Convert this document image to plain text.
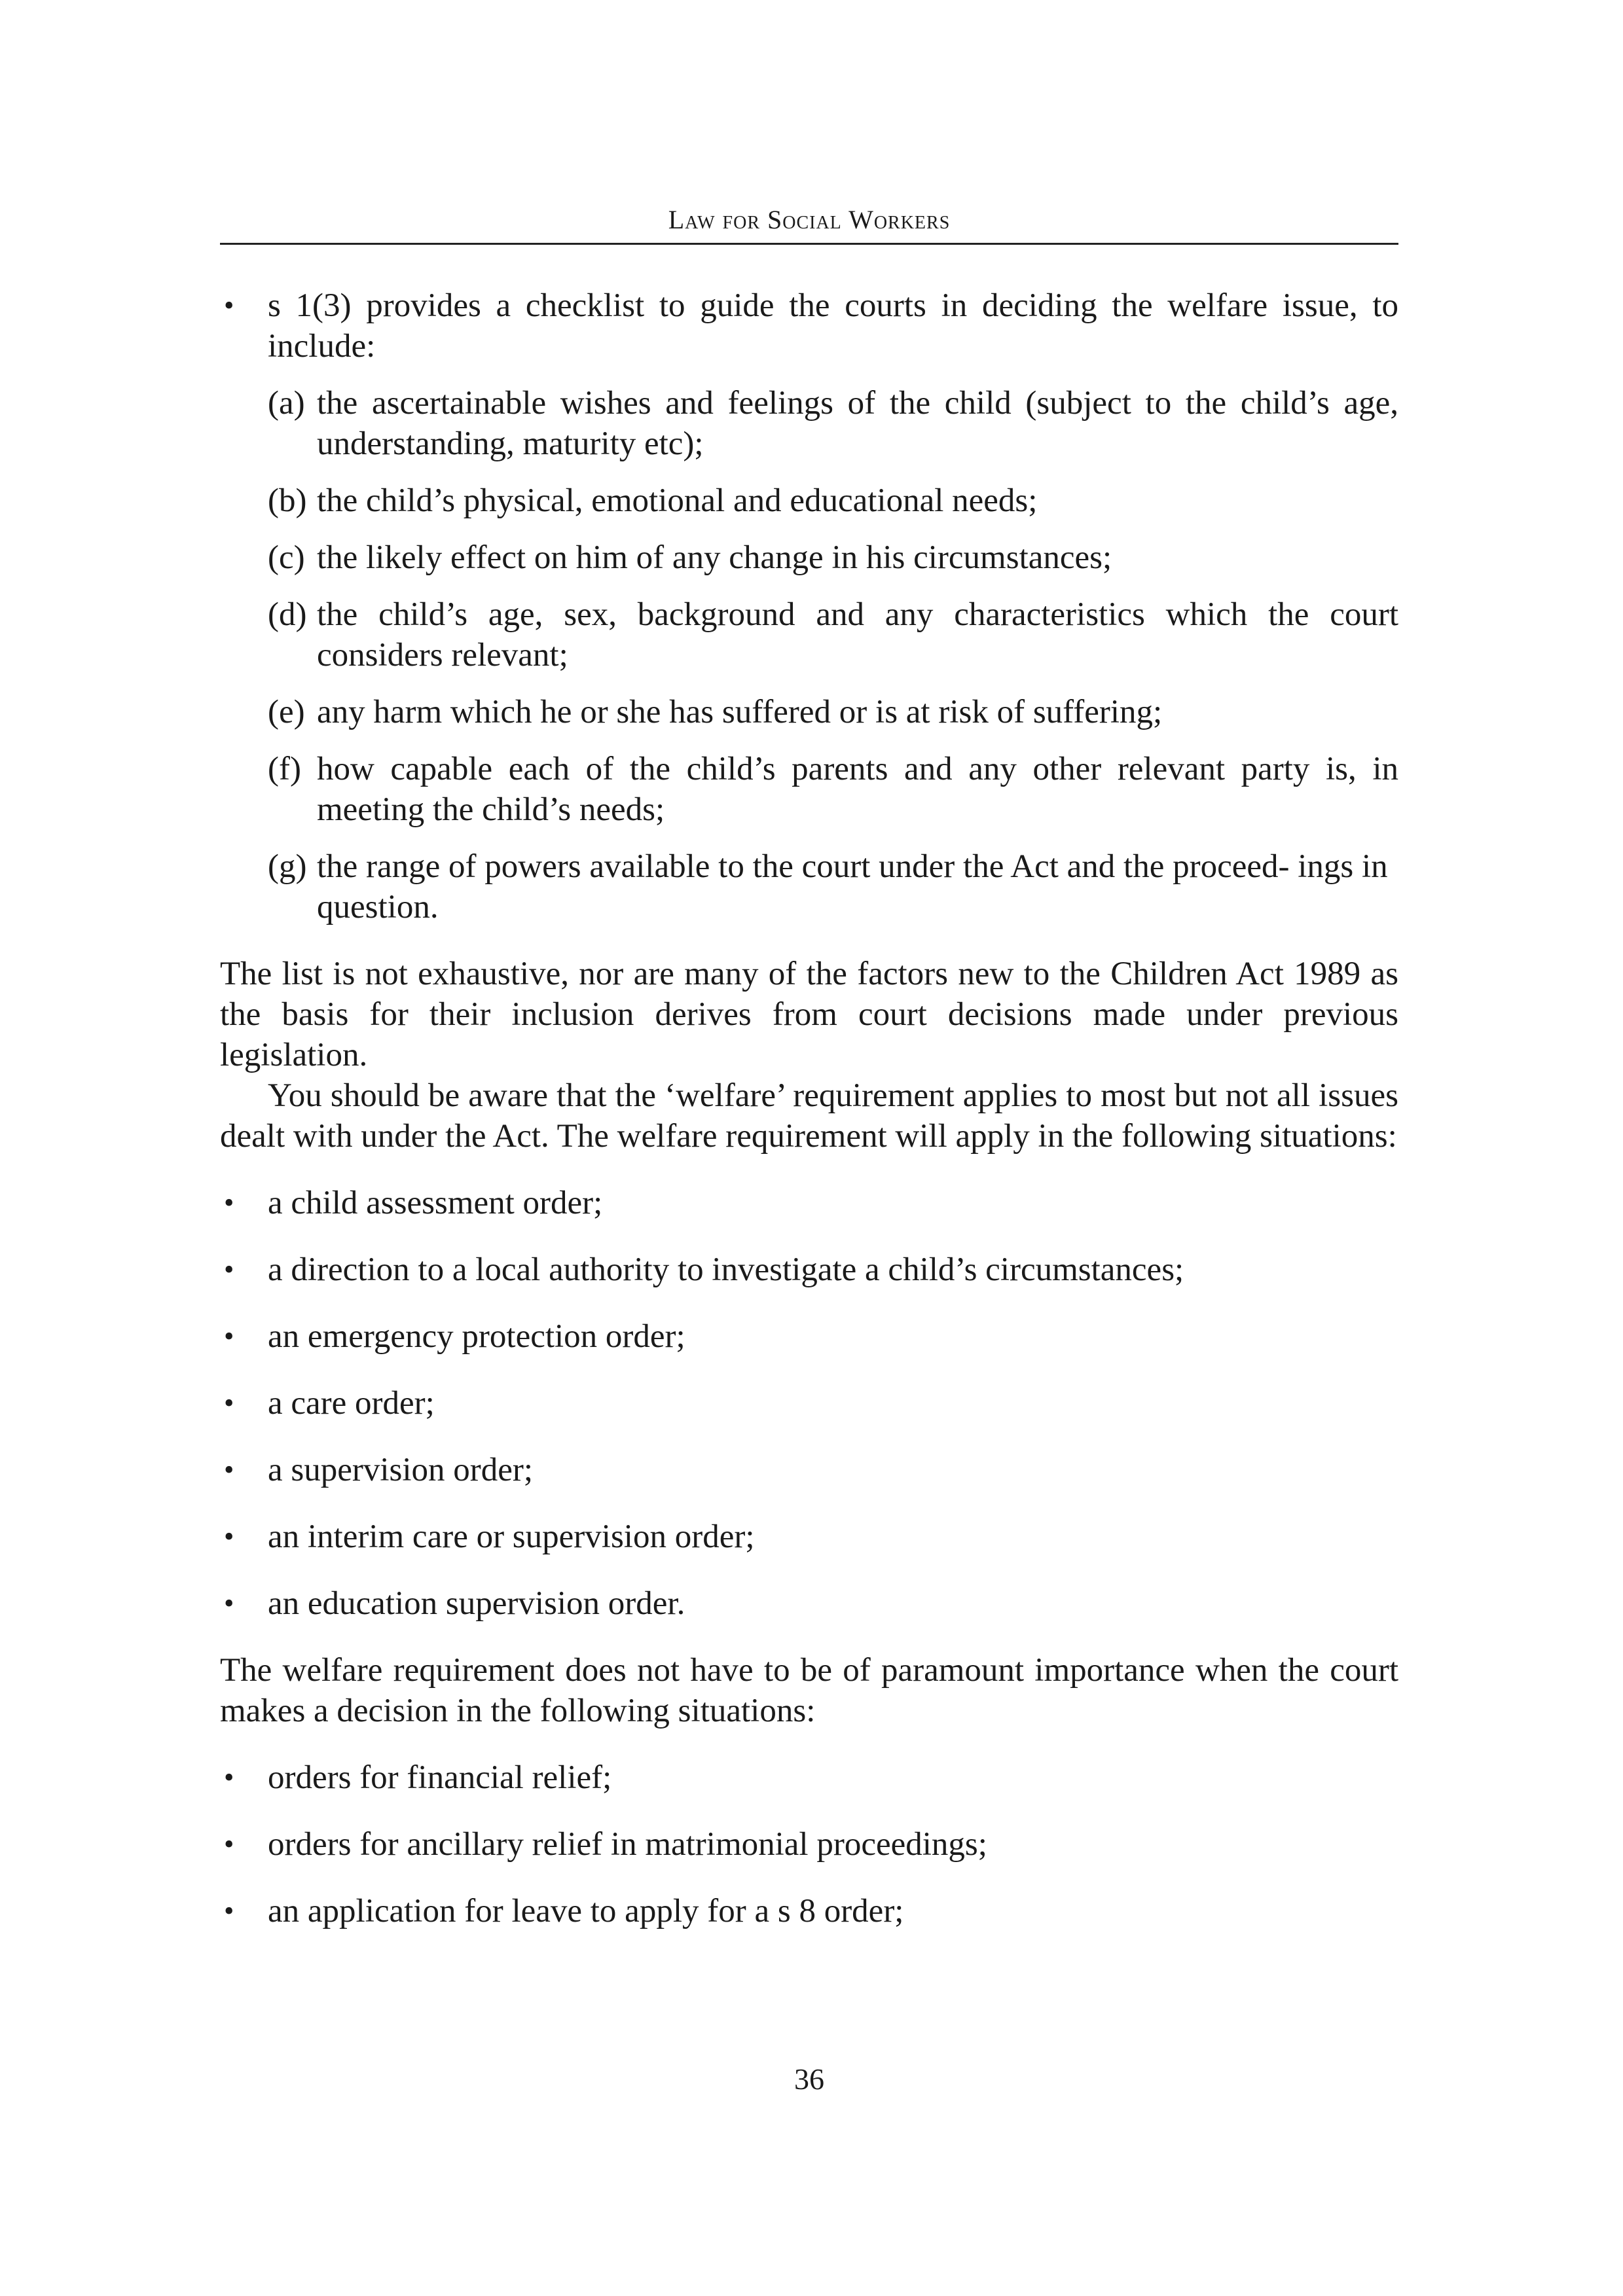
Law for Social Workers
• s 1(3) provides a checklist to guide the courts in deciding the welfare issue, to include:
(a) the ascertainable wishes and feelings of the child (subject to the child’s age, understanding, maturity etc);
(b) the child’s physical, emotional and educational needs;
(c) the likely effect on him of any change in his circumstances;
(d) the child’s age, sex, background and any characteristics which the court considers relevant;
(e) any harm which he or she has suffered or is at risk of suffering;
(f) how capable each of the child’s parents and any other relevant party is, in meeting the child’s needs;
(g) the range of powers available to the court under the Act and the proceed- ings in question.

The list is not exhaustive, nor are many of the factors new to the Children Act 1989 as the basis for their inclusion derives from court decisions made under previous legislation.

You should be aware that the ‘welfare’ requirement applies to most but not all issues dealt with under the Act. The welfare requirement will apply in the following situations:

• a child assessment order;
• a direction to a local authority to investigate a child’s circumstances;
• an emergency protection order;
• a care order;
• a supervision order;
• an interim care or supervision order;
• an education supervision order.

The welfare requirement does not have to be of paramount importance when the court makes a decision in the following situations:

• orders for financial relief;
• orders for ancillary relief in matrimonial proceedings;
• an application for leave to apply for a s 8 order;
36
